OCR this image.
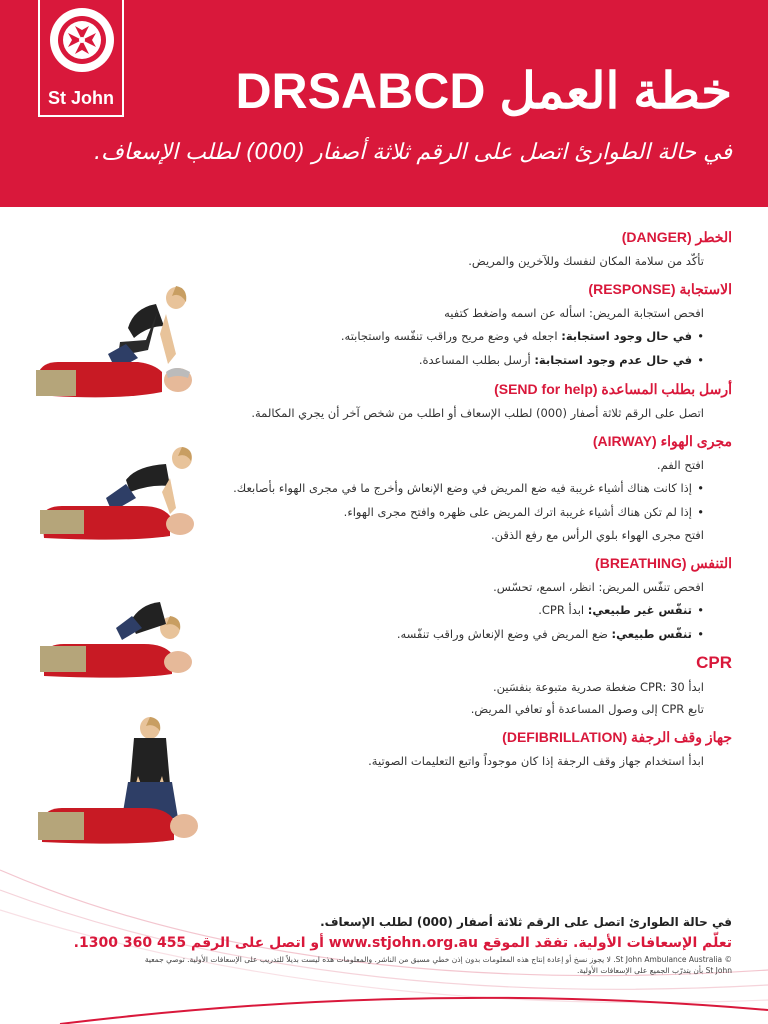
St John خطة العمل DRSABCD
في حالة الطوارئ اتصل على الرقم ثلاثة أصفار (000) لطلب الإسعاف.
الخطر (DANGER)
تأكّد من سلامة المكان لنفسك وللآخرين والمريض.
الاستجابة (RESPONSE)
افحص استجابة المريض: اسأله عن اسمه واضغط كتفيه
• في حال وجود استجابة: اجعله في وضع مريح وراقب تنفّسه واستجابته.
• في حال عدم وجود استجابة: أرسل بطلب المساعدة.
أرسل بطلب المساعدة (SEND for help)
اتصل على الرقم ثلاثة أصفار (000) لطلب الإسعاف أو اطلب من شخص آخر أن يجري المكالمة.
مجرى الهواء (AIRWAY)
افتح الفم.
• إذا كانت هناك أشياء غريبة فيه ضع المريض في وضع الإنعاش وأخرج ما في مجرى الهواء بأصابعك.
• إذا لم تكن هناك أشياء غريبة اترك المريض على ظهره وافتح مجرى الهواء.
افتح مجرى الهواء بلوي الرأس مع رفع الذقن.
التنفس (BREATHING)
افحص تنفّس المريض: انظر، اسمع، تحسّس.
• تنفّس غير طبيعي: ابدأ CPR.
• تنفّس طبيعي: ضع المريض في وضع الإنعاش وراقب تنفّسه.
CPR
ابدأ CPR: 30 ضغطة صدرية متبوعة بنفسَين.
تابع CPR إلى وصول المساعدة أو تعافي المريض.
جهاز وقف الرجفة (DEFIBRILLATION)
ابدأ استخدام جهاز وقف الرجفة إذا كان موجوداً واتبع التعليمات الصوتية.
في حالة الطوارئ اتصل على الرقم ثلاثة أصفار (000) لطلب الإسعاف.
تعلّم الإسعافات الأولية. تفقد الموقع www.stjohn.org.au أو اتصل على الرقم 455 360 1300.
© St John Ambulance Australia. لا يجوز نسخ أو إعادة إنتاج هذه المعلومات بدون إذن خطي مسبق من الناشر. والمعلومات هذه ليست بديلاً للتدريب على الإسعافات الأولية. توصي جمعية
St John بأن يتدرّب الجميع على الإسعافات الأولية.
